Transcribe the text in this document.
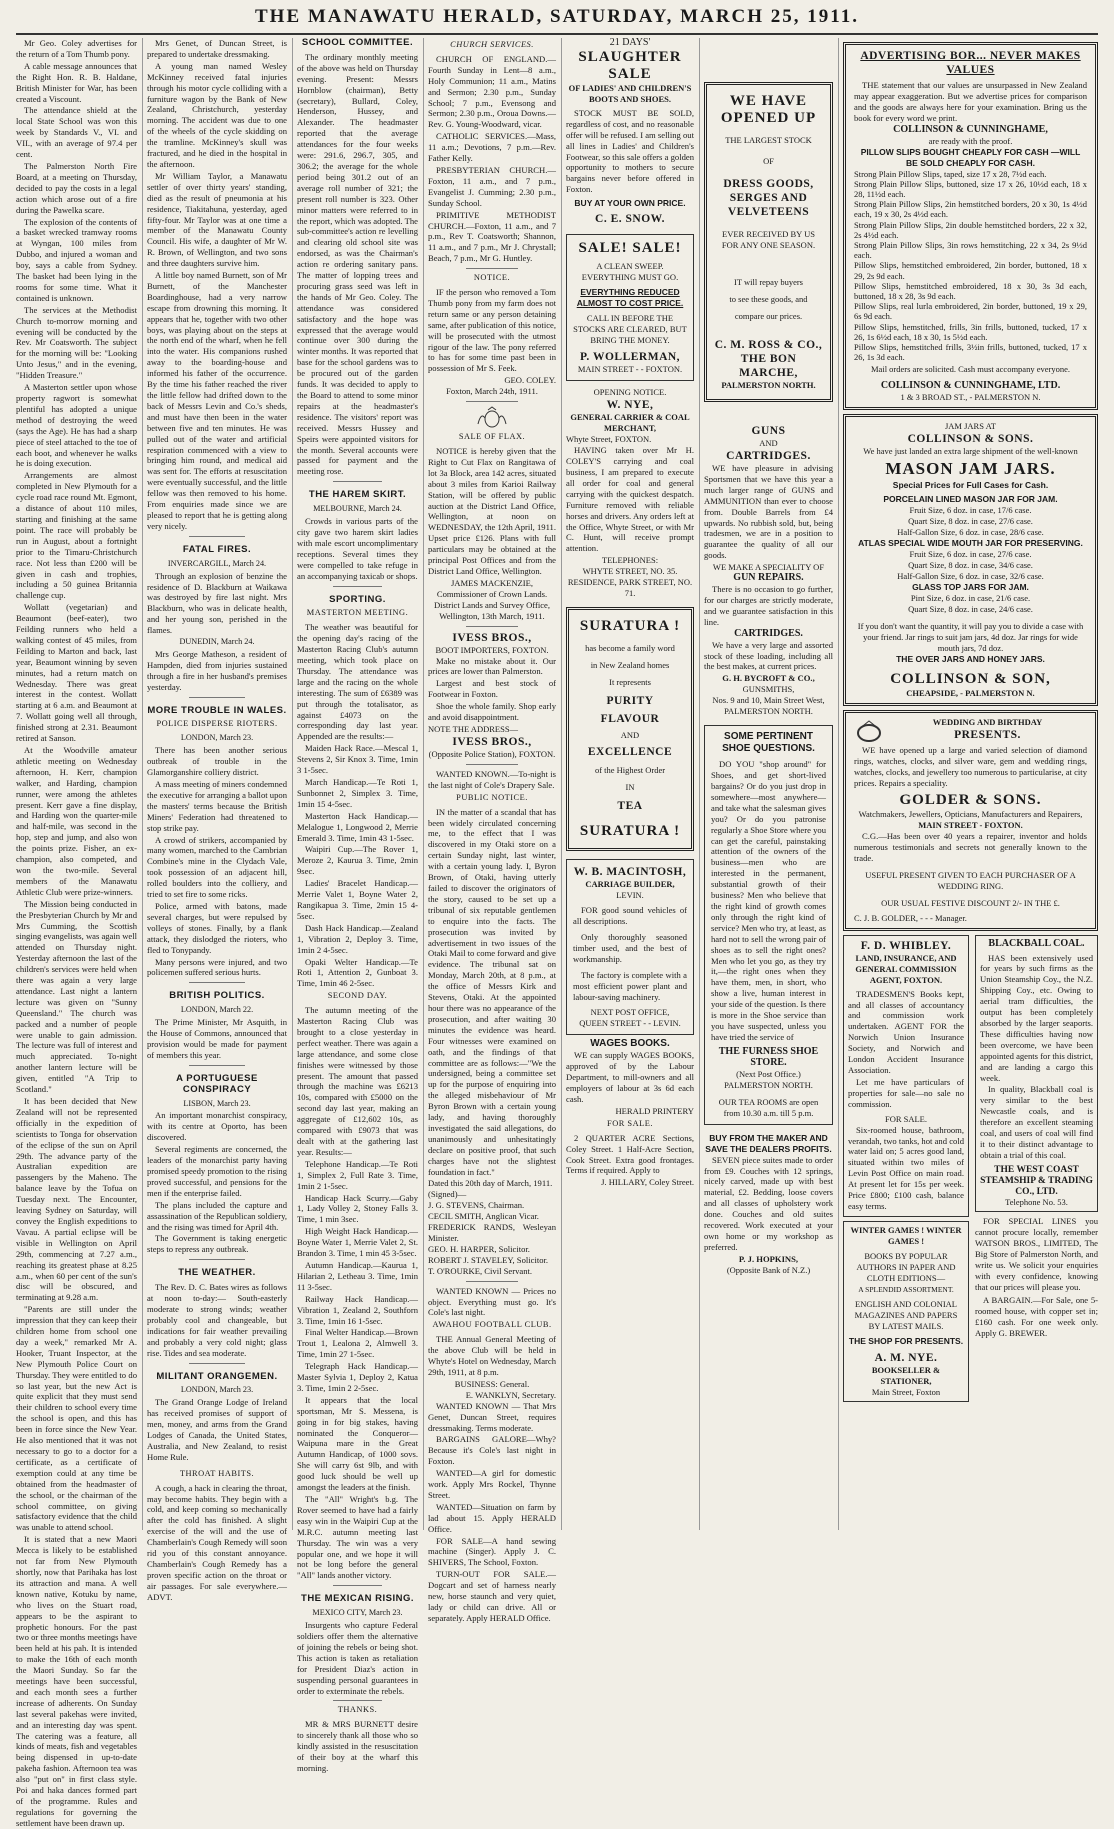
THE MANAWATU HERALD, SATURDAY, MARCH 25, 1911.

Mr Geo. Coley advertises for the return of a Tom Thumb pony.

A cable message announces that the Right Hon. R. B. Haldane, British Minister for War, has been created a Viscount.

The attendance shield at the local State School was won this week by Standards V., VI. and VII., with an average of 97.4 per cent.

The Palmerston North Fire Board, at a meeting on Thursday, decided to pay the costs in a legal action which arose out of a fire during the Pawelka scare.

The explosion of the contents of a basket wrecked tramway rooms at Wyngan, 100 miles from Dubbo, and injured a woman and boy, says a cable from Sydney. The basket had been lying in the rooms for some time. What it contained is unknown.

The services at the Methodist Church to-morrow morning and evening will be conducted by the Rev. Mr Coatsworth. The subject for the morning will be: "Looking Unto Jesus," and in the evening, "Hidden Treasure."

A Masterton settler upon whose property ragwort is somewhat plentiful has adopted a unique method of destroying the weed (says the Age). He has had a sharp piece of steel attached to the toe of each boot, and whenever he walks he is doing execution.

Arrangements are almost completed in New Plymouth for a cycle road race round Mt. Egmont, a distance of about 110 miles, starting and finishing at the same point. The race will probably be run in August, about a fortnight prior to the Timaru-Christchurch race. Not less than £200 will be given in cash and trophies, including a 50 guinea Britannia challenge cup.

Wollatt (vegetarian) and Beaumont (beef-eater), two Feilding runners who held a walking contest of 45 miles, from Feilding to Marton and back, last year, Beaumont winning by seven minutes, had a return match on Wednesday. There was great interest in the contest. Wollatt starting at 6 a.m. and Beaumont at 7. Wollatt going well all through, finished strong at 2.31. Beaumont retired at Sanson.

At the Woodville amateur athletic meeting on Wednesday afternoon, H. Kerr, champion walker, and Harding, champion runner, were among the athletes present. Kerr gave a fine display, and Harding won the quarter-mile and half-mile, was second in the hop, step and jump, and also won the points prize. Fisher, an ex-champion, also competed, and won the two-mile. Several members of the Manawatu Athletic Club were prize-winners.

The Mission being conducted in the Presbyterian Church by Mr and Mrs Cumming, the Scottish singing evangelists, was again well attended on Thursday night. Yesterday afternoon the last of the children's services were held when there was again a very large attendance. Last night a lantern lecture was given on "Sunny Queensland." The church was packed and a number of people were unable to gain admission. The lecture was full of interest and much appreciated. To-night another lantern lecture will be given, entitled "A Trip to Scotland."

It has been decided that New Zealand will not be represented officially in the expedition of scientists to Tonga for observation of the eclipse of the sun on April 29th. The advance party of the Australian expedition are passengers by the Maheno. The balance leave by the Tofua on Tuesday next. The Encounter, leaving Sydney on Saturday, will convey the English expeditions to Vavau. A partial eclipse will be visible in Wellington on April 29th, commencing at 7.27 a.m., reaching its greatest phase at 8.25 a.m., when 60 per cent of the sun's disc will be obscured, and terminating at 9.28 a.m.

"Parents are still under the impression that they can keep their children home from school one day a week," remarked Mr A. Hooker, Truant Inspector, at the New Plymouth Police Court on Thursday. They were entitled to do so last year, but the new Act is quite explicit that they must send their children to school every time the school is open, and this has been in force since the New Year. He also mentioned that it was not necessary to go to a doctor for a certificate, as a certificate of exemption could at any time be obtained from the headmaster of the school, or the chairman of the school committee, on giving satisfactory evidence that the child was unable to attend school.

It is stated that a new Maori Mecca is likely to be established not far from New Plymouth shortly, now that Parihaka has lost its attraction and mana. A well known native, Kotuku by name, who lives on the Stuart road, appears to be the aspirant to prophetic honours. For the past two or three months meetings have been held at his pah. It is intended to make the 16th of each month the Maori Sunday. So far the meetings have been successful, and each month sees a further increase of adherents. On Sunday last several pakehas were invited, and an interesting day was spent. The catering was a feature, all kinds of meats, fish and vegetables being dispensed in up-to-date pakeha fashion. Afternoon tea was also "put on" in first class style. Poi and haka dances formed part of the programme. Rules and regulations for governing the settlement have been drawn up.

Mrs Genet, of Duncan Street, is prepared to undertake dressmaking.

A young man named Wesley McKinney received fatal injuries through his motor cycle colliding with a furniture wagon by the Bank of New Zealand, Christchurch, yesterday morning. The accident was due to one of the wheels of the cycle skidding on the tramline. McKinney's skull was fractured, and he died in the hospital in the afternoon.

Mr William Taylor, a Manawatu settler of over thirty years' standing, died as the result of pneumonia at his residence, Tiakitahuna, yesterday, aged fifty-four. Mr Taylor was at one time a member of the Manawatu County Council. His wife, a daughter of Mr W. R. Brown, of Wellington, and two sons and three daughters survive him.

A little boy named Burnett, son of Mr Burnett, of the Manchester Boardinghouse, had a very narrow escape from drowning this morning. It appears that he, together with two other boys, was playing about on the steps at the north end of the wharf, when he fell into the water. His companions rushed away to the boarding-house and informed his father of the occurrence. By the time his father reached the river the little fellow had drifted down to the back of Messrs Levin and Co.'s sheds, and must have then been in the water between five and ten minutes. He was pulled out of the water and artificial respiration commenced with a view to bringing him round, and medical aid was sent for. The efforts at resuscitation were eventually successful, and the little fellow was then removed to his home. From enquiries made since we are pleased to report that he is getting along very nicely.

FATAL FIRES.
INVERCARGILL, March 24.

Through an explosion of benzine the residence of D. Blackburn at Waikawa was destroyed by fire last night. Mrs Blackburn, who was in delicate health, and her young son, perished in the flames.

DUNEDIN, March 24.

Mrs George Matheson, a resident of Hampden, died from injuries sustained through a fire in her husband's premises yesterday.

MORE TROUBLE IN WALES.
POLICE DISPERSE RIOTERS.
LONDON, March 23.

There has been another serious outbreak of trouble in the Glamorganshire colliery district.

A mass meeting of miners condemned the executive for arranging a ballot upon the masters' terms because the British Miners' Federation had threatened to stop strike pay.

A crowd of strikers, accompanied by many women, marched to the Cambrian Combine's mine in the Clydach Vale, took possession of an adjacent hill, rolled boulders into the colliery, and tried to set fire to some ricks.

Police, armed with batons, made several charges, but were repulsed by volleys of stones. Finally, by a flank attack, they dislodged the rioters, who fled to Tonypandy.

Many persons were injured, and two policemen suffered serious hurts.

BRITISH POLITICS.
LONDON, March 22.

The Prime Minister, Mr Asquith, in the House of Commons, announced that provision would be made for payment of members this year.

A PORTUGUESE CONSPIRACY
LISBON, March 23.

An important monarchist conspiracy, with its centre at Oporto, has been discovered.

Several regiments are concerned, the leaders of the monarchist party having promised speedy promotion to the rising proved successful, and pensions for the men if the enterprise failed.

The plans included the capture and assassination of the Republican soldiery, and the rising was timed for April 4th.

The Government is taking energetic steps to repress any outbreak.

THE WEATHER.

The Rev. D. C. Bates wires as follows at noon to-day:— South-easterly moderate to strong winds; weather probably cool and changeable, but indications for fair weather prevailing and probably a very cold night; glass rise. Tides and sea moderate.

MILITANT ORANGEMEN.
LONDON, March 23.

The Grand Orange Lodge of Ireland has received promises of support of men, money, and arms from the Grand Lodges of Canada, the United States, Australia, and New Zealand, to resist Home Rule.

THROAT HABITS.

A cough, a hack in clearing the throat, may become habits. They begin with a cold, and keep coming so mechanically after the cold has finished. A slight exercise of the will and the use of Chamberlain's Cough Remedy will soon rid you of this constant annoyance. Chamberlain's Cough Remedy has a proven specific action on the throat or air passages. For sale everywhere.—ADVT.

SCHOOL COMMITTEE.

The ordinary monthly meeting of the above was held on Thursday evening. Present: Messrs Hornblow (chairman), Betty (secretary), Bullard, Coley, Henderson, Hussey, and Alexander. The headmaster reported that the average attendances for the four weeks were: 291.6, 296.7, 305, and 306.2; the average for the whole period being 301.2 out of an average roll number of 321; the present roll number is 323. Other minor matters were referred to in the report, which was adopted. The sub-committee's action re levelling and clearing old school site was endorsed, as was the Chairman's action re ordering sanitary pans. The matter of lopping trees and procuring grass seed was left in the hands of Mr Geo. Coley. The attendance was considered satisfactory and the hope was expressed that the average would continue over 300 during the winter months. It was reported that base for the school gardens was to be procured out of the garden funds. It was decided to apply to the Board to attend to some minor repairs at the headmaster's residence. The visitors' report was received. Messrs Hussey and Speirs were appointed visitors for the month. Several accounts were passed for payment and the meeting rose.

THE HAREM SKIRT.
MELBOURNE, March 24.

Crowds in various parts of the city gave two harem skirt ladies with male escort uncomplimentary receptions. Several times they were compelled to take refuge in an accompanying taxicab or shops.

SPORTING.
MASTERTON MEETING.

The weather was beautiful for the opening day's racing of the Masterton Racing Club's autumn meeting, which took place on Thursday. The attendance was large and the racing on the whole interesting. The sum of £6389 was put through the totalisator, as against £4073 on the corresponding day last year. Appended are the results:—

Maiden Hack Race.—Mescal 1, Stevens 2, Sir Knox 3. Time, 1min 3 1-5sec.

March Handicap.—Te Roti 1, Sunbonnet 2, Simplex 3. Time, 1min 15 4-5sec.

Masterton Hack Handicap.—Melalogue 1, Longwood 2, Merrie Emerald 3. Time, 1min 43 1-5sec.

Waipiri Cup.—The Rover 1, Meroze 2, Kaurua 3. Time, 2min 9sec.

Ladies' Bracelet Handicap.—Merrie Valet 1, Boyne Water 2, Rangikapua 3. Time, 2min 15 4-5sec.

Dash Hack Handicap.—Zealand 1, Vibration 2, Deploy 3. Time, 1min 2 4-5sec.

Opaki Welter Handicap.—Te Roti 1, Attention 2, Gunboat 3. Time, 1min 46 2-5sec.

SECOND DAY.

The autumn meeting of the Masterton Racing Club was brought to a close yesterday in perfect weather. There was again a large attendance, and some close finishes were witnessed by those present. The amount that passed through the machine was £6213 10s, compared with £5000 on the second day last year, making an aggregate of £12,602 10s, as compared with £9073 that was dealt with at the gathering last year. Results:—

Telephone Handicap.—Te Roti 1, Simplex 2, Full Rate 3. Time, 1min 2 1-5sec.

Handicap Hack Scurry.—Gaby 1, Lady Volley 2, Stoney Falls 3. Time, 1 min 3sec.

High Weight Hack Handicap.—Boyne Water 1, Merrie Valet 2, St. Brandon 3. Time, 1 min 45 3-5sec.

Autumn Handicap.—Kaurua 1, Hilarian 2, Letheau 3. Time, 1min 11 3-5sec.

Railway Hack Handicap.—Vibration 1, Zealand 2, Southforn 3. Time, 1min 16 1-5sec.

Final Welter Handicap.—Brown Trout 1, Lealona 2, Almwell 3. Time, 1min 27 1-5sec.

Telegraph Hack Handicap.—Master Sylvia 1, Deploy 2, Katua 3. Time, 1min 2 2-5sec.

It appears that the local sportsman, Mr S. Messena, is going in for big stakes, having nominated the Conqueror—Waipuna mare in the Great Autumn Handicap, of 1000 sovs. She will carry 6st 9lb, and with good luck should be well up amongst the leaders at the finish.

The "All" Wright's b.g. The Rover seemed to have had a fairly easy win in the Waipiri Cup at the M.R.C. autumn meeting last Thursday. The win was a very popular one, and we hope it will not be long before the general "All" lands another victory.

THE MEXICAN RISING.
MEXICO CITY, March 23.

Insurgents who capture Federal soldiers offer them the alternative of joining the rebels or being shot. This action is taken as retaliation for President Diaz's action in suspending personal guarantees in order to exterminate the rebels.

THANKS.

MR & MRS BURNETT desire to sincerely thank all those who so kindly assisted in the resuscitation of their boy at the wharf this morning.

CHURCH SERVICES.

CHURCH OF ENGLAND.—Fourth Sunday in Lent—8 a.m., Holy Communion; 11 a.m., Matins and Sermon; 2.30 p.m., Sunday School; 7 p.m., Evensong and Sermon; 2.30 p.m., Oroua Downs.—Rev. G. Young-Woodward, vicar.

CATHOLIC SERVICES.—Mass, 11 a.m.; Devotions, 7 p.m.—Rev. Father Kelly.

PRESBYTERIAN CHURCH.—Foxton, 11 a.m., and 7 p.m., Evangelist J. Cumming; 2.30 p.m., Sunday School.

PRIMITIVE METHODIST CHURCH.—Foxton, 11 a.m., and 7 p.m., Rev T. Coatsworth; Shannon, 11 a.m., and 7 p.m., Mr J. Chrystall; Beach, 7 p.m., Mr G. Huntley.

NOTICE.

IF the person who removed a Tom Thumb pony from my farm does not return same or any person detaining same, after publication of this notice, will be prosecuted with the utmost rigour of the law. The pony referred to has for some time past been in possession of Mr S. Feek.

GEO. COLEY.
Foxton, March 24th, 1911.
SALE OF FLAX.

NOTICE is hereby given that the Right to Cut Flax on Rangitawa of lot 3a Block, area 142 acres, situated about 3 miles from Karioi Railway Station, will be offered by public auction at the District Land Office, Wellington, at noon on WEDNESDAY, the 12th April, 1911. Upset price £126. Plans with full particulars may be obtained at the principal Post Offices and from the District Land Office, Wellington.

JAMES MACKENZIE, Commissioner of Crown Lands.
District Lands and Survey Office, Wellington, 13th March, 1911.
IVESS BROS.,
BOOT IMPORTERS, FOXTON.

Make no mistake about it. Our prices are lower than Palmerston.

Largest and best stock of Footwear in Foxton.

Shoe the whole family. Shop early and avoid disappointment.

NOTE THE ADDRESS—
IVESS BROS.,
(Opposite Police Station), FOXTON.

WANTED KNOWN.—To-night is the last night of Cole's Drapery Sale.

PUBLIC NOTICE.

IN the matter of a scandal that has been widely circulated concerning me, to the effect that I was discovered in my Otaki store on a certain Sunday night, last winter, with a certain young lady. I, Byron Brown, of Otaki, having utterly failed to discover the originators of the story, caused to be set up a tribunal of six reputable gentlemen to enquire into the facts. The prosecution was invited by advertisement in two issues of the Otaki Mail to come forward and give evidence. The tribunal sat on Monday, March 20th, at 8 p.m., at the office of Messrs Kirk and Stevens, Otaki. At the appointed hour there was no appearance of the prosecution, and after waiting 30 minutes the evidence was heard. Four witnesses were examined on oath, and the findings of that committee are as follows:—"We the undersigned, being a committee set up for the purpose of enquiring into the alleged misbehaviour of Mr Byron Brown with a certain young lady, and having thoroughly investigated the said allegations, do unanimously and unhesitatingly declare on positive proof, that such charges have not the slightest foundation in fact."

Dated this 20th day of March, 1911.
(Signed)—
J. G. STEVENS, Chairman.
CECIL SMITH, Anglican Vicar.
FREDERICK RANDS, Wesleyan Minister.
GEO. H. HARPER, Solicitor.
ROBERT J. STAVELEY, Solicitor.
T. O'ROURKE, Civil Servant.

WANTED KNOWN — Prices no object. Everything must go. It's Cole's last night.

AWAHOU FOOTBALL CLUB.

THE Annual General Meeting of the above Club will be held in Whyte's Hotel on Wednesday, March 29th, 1911, at 8 p.m.

BUSINESS: General.
E. WANKLYN, Secretary.

WANTED KNOWN — That Mrs Genet, Duncan Street, requires dressmaking. Terms moderate.

BARGAINS GALORE—Why? Because it's Cole's last night in Foxton.

WANTED—A girl for domestic work. Apply Mrs Rockel, Thynne Street.

WANTED—Situation on farm by lad about 15. Apply HERALD Office.

FOR SALE—A hand sewing machine (Singer). Apply J. C. SHIVERS, The School, Foxton.

TURN-OUT FOR SALE.—Dogcart and set of harness nearly new, horse staunch and very quiet, lady or child can drive. All or separately. Apply HERALD Office.

21 DAYS'
SLAUGHTER SALE
OF LADIES' AND CHILDREN'S BOOTS AND SHOES.

STOCK MUST BE SOLD, regardless of cost, and no reasonable offer will be refused. I am selling out all lines in Ladies' and Children's Footwear, so this sale offers a golden opportunity to mothers to secure bargains never before offered in Foxton.

BUY AT YOUR OWN PRICE.
C. E. SNOW.
SALE! SALE!
A CLEAN SWEEP.
EVERYTHING MUST GO.
EVERYTHING REDUCED ALMOST TO COST PRICE.
CALL IN BEFORE THE STOCKS ARE CLEARED, BUT
BRING THE MONEY.
P. WOLLERMAN,
MAIN STREET - - FOXTON.
OPENING NOTICE.
W. NYE,
GENERAL CARRIER & COAL MERCHANT,
Whyte Street, FOXTON.

HAVING taken over Mr H. COLEY'S carrying and coal business, I am prepared to execute all order for coal and general carrying with the quickest despatch. Furniture removed with reliable horses and drivers. Any orders left at the Office, Whyte Street, or with Mr C. Hunt, will receive prompt attention.

TELEPHONES:
WHYTE STREET, NO. 35.
RESIDENCE, PARK STREET, NO. 71.
SURATURA !
has become a family word
in New Zealand homes
It represents
PURITY
FLAVOUR
AND
EXCELLENCE
of the Highest Order
IN
TEA
SURATURA !
W. B. MACINTOSH,
CARRIAGE BUILDER,
LEVIN.

FOR good sound vehicles of all descriptions.

Only thoroughly seasoned timber used, and the best of workmanship.

The factory is complete with a most efficient power plant and labour-saving machinery.

NEXT POST OFFICE,
QUEEN STREET - - LEVIN.
WAGES BOOKS.

WE can supply WAGES BOOKS, approved of by the Labour Department, to mill-owners and all employers of labour at 3s 6d each cash.

HERALD PRINTERY
FOR SALE.

2 QUARTER ACRE Sections, Coley Street. 1 Half-Acre Section, Cook Street. Extra good frontages. Terms if required. Apply to

J. HILLARY, Coley Street.
WE HAVE
OPENED UP
THE LARGEST STOCK
OF
DRESS GOODS,
SERGES AND
VELVETEENS
EVER RECEIVED BY US
FOR ANY ONE SEASON.
IT will repay buyers
to see these goods, and
compare our prices.
C. M. ROSS & CO.,
THE BON MARCHE,
PALMERSTON NORTH.
GUNS
AND
CARTRIDGES.

WE have pleasure in advising Sportsmen that we have this year a much larger range of GUNS and AMMUNITION than ever to choose from. Double Barrels from £4 upwards. No rubbish sold, but, being tradesmen, we are in a position to guarantee the quality of all our goods.

WE MAKE A SPECIALITY OF
GUN REPAIRS.

There is no occasion to go further, for our charges are strictly moderate, and we guarantee satisfaction in this line.

CARTRIDGES.

We have a very large and assorted stock of these loading, including all the best makes, at current prices.

G. H. BYCROFT & CO.,
GUNSMITHS,
Nos. 9 and 10, Main Street West,
PALMERSTON NORTH.
SOME PERTINENT SHOE QUESTIONS.

DO YOU "shop around" for Shoes, and get short-lived bargains? Or do you just drop in somewhere—most anywhere—and take what the salesman gives you? Or do you patronise regularly a Shoe Store where you can get the careful, painstaking attention of the owners of the business—men who are interested in the permanent, substantial growth of their business? Men who believe that the right kind of growth comes only through the right kind of service? Men who try, at least, as hard not to sell the wrong pair of shoes as to sell the right ones? Men who let you go, as they try it,—the right ones when they have them, men, in short, who show a live, human interest in your side of the question. Is there is more in the Shoe service than you have suspected, unless you have tried the service of

THE FURNESS SHOE STORE.
(Next Post Office.)
PALMERSTON NORTH.
OUR TEA ROOMS are open from 10.30 a.m. till 5 p.m.
BUY FROM THE MAKER AND SAVE THE DEALERS PROFITS.

SEVEN piece suites made to order from £9. Couches with 12 springs, nicely carved, made up with best material, £2. Bedding, loose covers and all classes of upholstery work done. Couches and old suites recovered. Work executed at your own home or my workshop as preferred.

P. J. HOPKINS,
(Opposite Bank of N.Z.)
ADVERTISING BOR... NEVER MAKES VALUES

THE statement that our values are unsurpassed in New Zealand may appear exaggeration. But we advertise prices for comparison and the goods are always here for your examination. Bring us the book for every word we print.

COLLINSON & CUNNINGHAME,
are ready with the proof.
PILLOW SLIPS BOUGHT CHEAPLY FOR CASH —WILL BE SOLD CHEAPLY FOR CASH.
Strong Plain Pillow Slips, taped, size 17 x 28, 7½d each.
Strong Plain Pillow Slips, buttoned, size 17 x 26, 10½d each, 18 x 28, 11½d each.
Strong Plain Pillow Slips, 2in hemstitched borders, 20 x 30, 1s 4½d each, 19 x 30, 2s 4½d each.
Strong Plain Pillow Slips, 2in double hemstitched borders, 22 x 32, 2s 4½d each.
Strong Plain Pillow Slips, 3in rows hemstitching, 22 x 34, 2s 9½d each.
Pillow Slips, hemstitched embroidered, 2in border, buttoned, 18 x 29, 2s 9d each.
Pillow Slips, hemstitched embroidered, 18 x 30, 3s 3d each, buttoned, 18 x 28, 3s 9d each.
Pillow Slips, real lurla embroidered, 2in border, buttoned, 19 x 29, 6s 9d each.
Pillow Slips, hemstitched, frills, 3in frills, buttoned, tucked, 17 x 26, 1s 6½d each, 18 x 30, 1s 5½d each.
Pillow Slips, hemstitched frills, 3½in frills, buttoned, tucked, 17 x 26, 1s 3d each.
Mail orders are solicited. Cash must accompany everyone.
COLLINSON & CUNNINGHAME, LTD.
1 & 3 BROAD ST., - PALMERSTON N.
JAM JARS AT
COLLINSON & SONS.
We have just landed an extra large shipment of the well-known
MASON JAM JARS.
Special Prices for Full Cases for Cash.
PORCELAIN LINED MASON JAR FOR JAM.
Fruit Size, 6 doz. in case, 17/6 case.
Quart Size, 8 doz. in case, 27/6 case.
Half-Gallon Size, 6 doz. in case, 28/6 case.
ATLAS SPECIAL WIDE MOUTH JAR FOR PRESERVING.
Fruit Size, 6 doz. in case, 27/6 case.
Quart Size, 8 doz. in case, 34/6 case.
Half-Gallon Size, 6 doz. in case, 32/6 case.
GLASS TOP JARS FOR JAM.
Pint Size, 6 doz. in case, 21/6 case.
Quart Size, 8 doz. in case, 24/6 case.
If you don't want the quantity, it will pay you to divide a case with your friend. Jar rings to suit jam jars, 4d doz. Jar rings for wide mouth jars, 7d doz.
THE OVER JARS AND HONEY JARS.
COLLINSON & SON,
CHEAPSIDE, - PALMERSTON N.
WEDDING AND BIRTHDAY
PRESENTS.

WE have opened up a large and varied selection of diamond rings, watches, clocks, and silver ware, gem and wedding rings, watches, clocks, and jewellery too numerous to particularise, at city prices. Repairs a speciality.

GOLDER & SONS.
Watchmakers, Jewellers, Opticians, Manufacturers and Repairers,
MAIN STREET - FOXTON.

C.G.—Has been over 40 years a repairer, inventor and holds numerous testimonials and secrets not generally known to the trade.

USEFUL PRESENT GIVEN TO EACH PURCHASER OF A WEDDING RING.
OUR USUAL FESTIVE DISCOUNT 2/- IN THE £.
C. J. B. GOLDER, - - - Manager.
F. D. WHIBLEY.
LAND, INSURANCE, AND GENERAL COMMISSION AGENT, FOXTON.

TRADESMEN'S Books kept, and all classes of accountancy and commission work undertaken. AGENT FOR the Norwich Union Insurance Society, and Norwich and London Accident Insurance Association.

Let me have particulars of properties for sale—no sale no commission.

FOR SALE.

Six-roomed house, bathroom, verandah, two tanks, hot and cold water laid on; 5 acres good land, situated within two miles of Levin Post Office on main road. At present let for 15s per week. Price £800; £100 cash, balance easy terms.

WINTER GAMES ! WINTER GAMES !
BOOKS BY POPULAR AUTHORS IN PAPER AND CLOTH EDITIONS—
A SPLENDID ASSORTMENT.
ENGLISH AND COLONIAL MAGAZINES AND PAPERS BY LATEST MAILS.
THE SHOP FOR PRESENTS.
A. M. NYE.
BOOKSELLER & STATIONER,
Main Street, Foxton
BLACKBALL COAL.

HAS been extensively used for years by such firms as the Union Steamship Coy., the N.Z. Shipping Coy., etc. Owing to aerial tram difficulties, the output has been completely absorbed by the larger seaports. These difficulties having now been overcome, we have been appointed agents for this district, and are landing a cargo this week.

In quality, Blackball coal is very similar to the best Newcastle coals, and is therefore an excellent steaming coal, and users of coal will find it to their distinct advantage to obtain a trial of this coal.

THE WEST COAST STEAMSHIP & TRADING CO., LTD.
Telephone No. 53.

FOR SPECIAL LINES you cannot procure locally, remember WATSON BROS., LIMITED, The Big Store of Palmerston North, and write us. We solicit your enquiries with every confidence, knowing that our prices will please you.

A BARGAIN.—For Sale, one 5-roomed house, with copper set in; £160 cash. For one week only. Apply G. BREWER.
